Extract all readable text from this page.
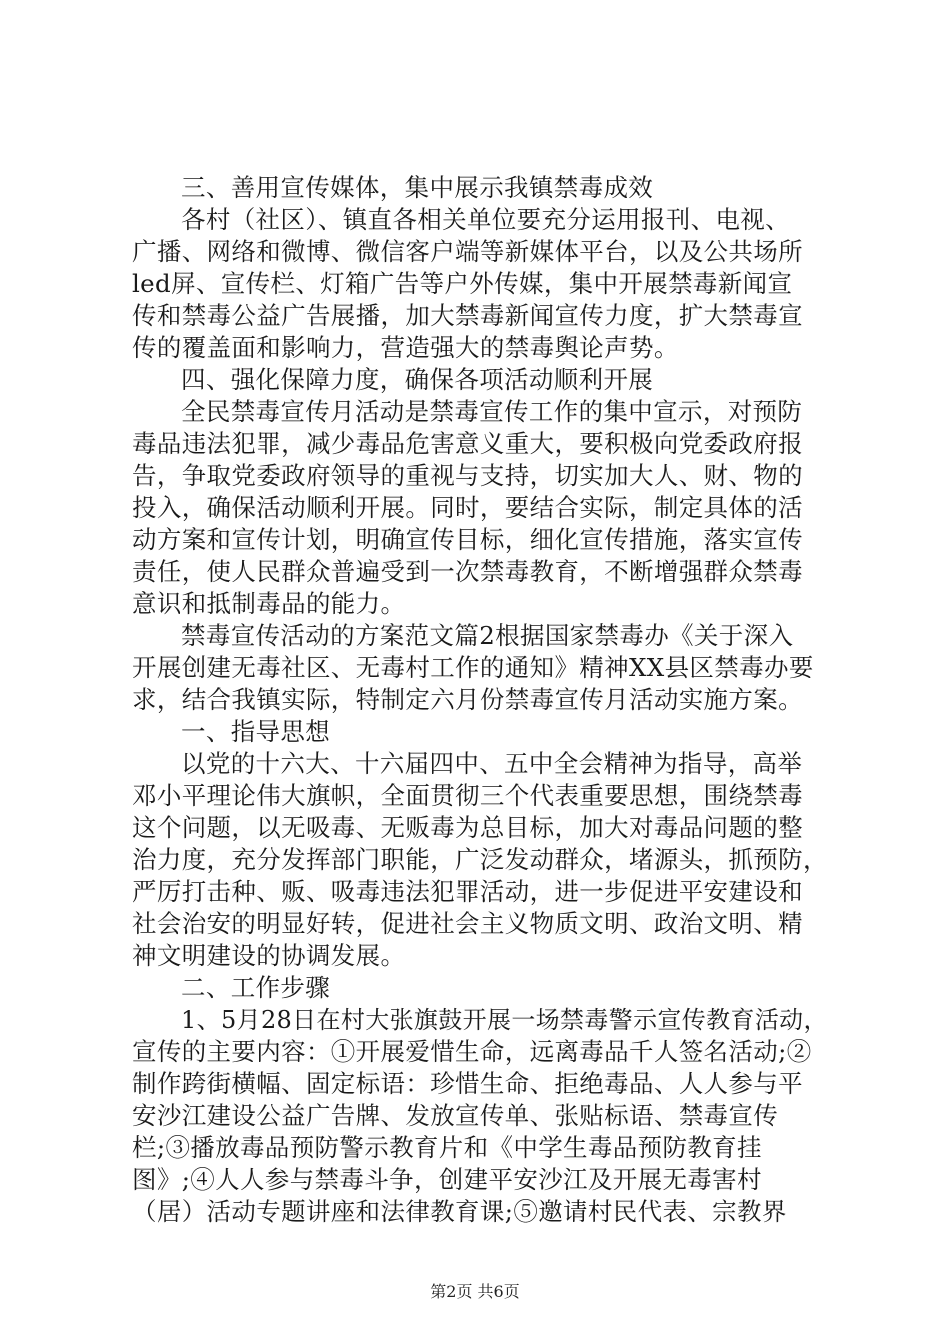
三、善用宣传媒体，集中展示我镇禁毒成效
各村（社区）、镇直各相关单位要充分运用报刊、电视、
广播、网络和微博、微信客户端等新媒体平台，以及公共场所
led屏、宣传栏、灯箱广告等户外传媒，集中开展禁毒新闻宣
传和禁毒公益广告展播，加大禁毒新闻宣传力度，扩大禁毒宣
传的覆盖面和影响力，营造强大的禁毒舆论声势。
四、强化保障力度，确保各项活动顺利开展
全民禁毒宣传月活动是禁毒宣传工作的集中宣示，对预防
毒品违法犯罪，减少毒品危害意义重大，要积极向党委政府报
告，争取党委政府领导的重视与支持，切实加大人、财、物的
投入，确保活动顺利开展。同时，要结合实际，制定具体的活
动方案和宣传计划，明确宣传目标，细化宣传措施，落实宣传
责任，使人民群众普遍受到一次禁毒教育，不断增强群众禁毒
意识和抵制毒品的能力。
禁毒宣传活动的方案范文篇2根据国家禁毒办《关于深入
开展创建无毒社区、无毒村工作的通知》精神XX县区禁毒办要
求，结合我镇实际，特制定六月份禁毒宣传月活动实施方案。
一、指导思想
以党的十六大、十六届四中、五中全会精神为指导，高举
邓小平理论伟大旗帜，全面贯彻三个代表重要思想，围绕禁毒
这个问题，以无吸毒、无贩毒为总目标，加大对毒品问题的整
治力度，充分发挥部门职能，广泛发动群众，堵源头，抓预防，
严厉打击种、贩、吸毒违法犯罪活动，进一步促进平安建设和
社会治安的明显好转，促进社会主义物质文明、政治文明、精
神文明建设的协调发展。
二、工作步骤
1、5月28日在村大张旗鼓开展一场禁毒警示宣传教育活动，
宣传的主要内容：①开展爱惜生命，远离毒品千人签名活动;②
制作跨街横幅、固定标语：珍惜生命、拒绝毒品、人人参与平
安沙江建设公益广告牌、发放宣传单、张贴标语、禁毒宣传
栏;③播放毒品预防警示教育片和《中学生毒品预防教育挂
图》;④人人参与禁毒斗争，创建平安沙江及开展无毒害村
（居）活动专题讲座和法律教育课;⑤邀请村民代表、宗教界
第2页 共6页
